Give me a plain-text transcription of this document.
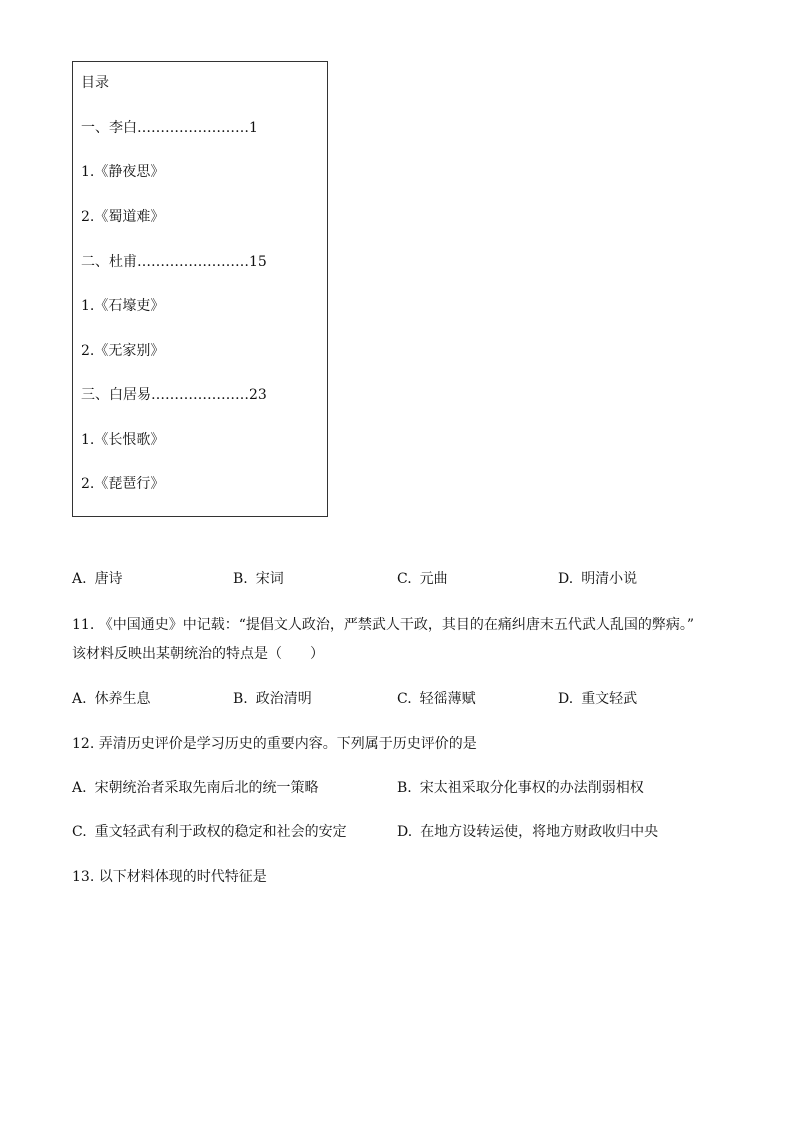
目录
一、李白……………………1
1.《静夜思》
2.《蜀道难》
二、杜甫……………………15
1.《石壕吏》
2.《无家别》
三、白居易…………………23
1.《长恨歌》
2.《琵琶行》
A. 唐诗	B. 宋词	C. 元曲	D. 明清小说
11. 《中国通史》中记载：“提倡文人政治，严禁武人干政，其目的在痛纠唐末五代武人乱国的弊病。”
该材料反映出某朝统治的特点是（　　）
A. 休养生息	B. 政治清明	C. 轻徭薄赋	D. 重文轻武
12. 弄清历史评价是学习历史的重要内容。下列属于历史评价的是
A. 宋朝统治者采取先南后北的统一策略	B. 宋太祖采取分化事权的办法削弱相权
C. 重文轻武有利于政权的稳定和社会的安定	D. 在地方设转运使，将地方财政收归中央
13. 以下材料体现的时代特征是
